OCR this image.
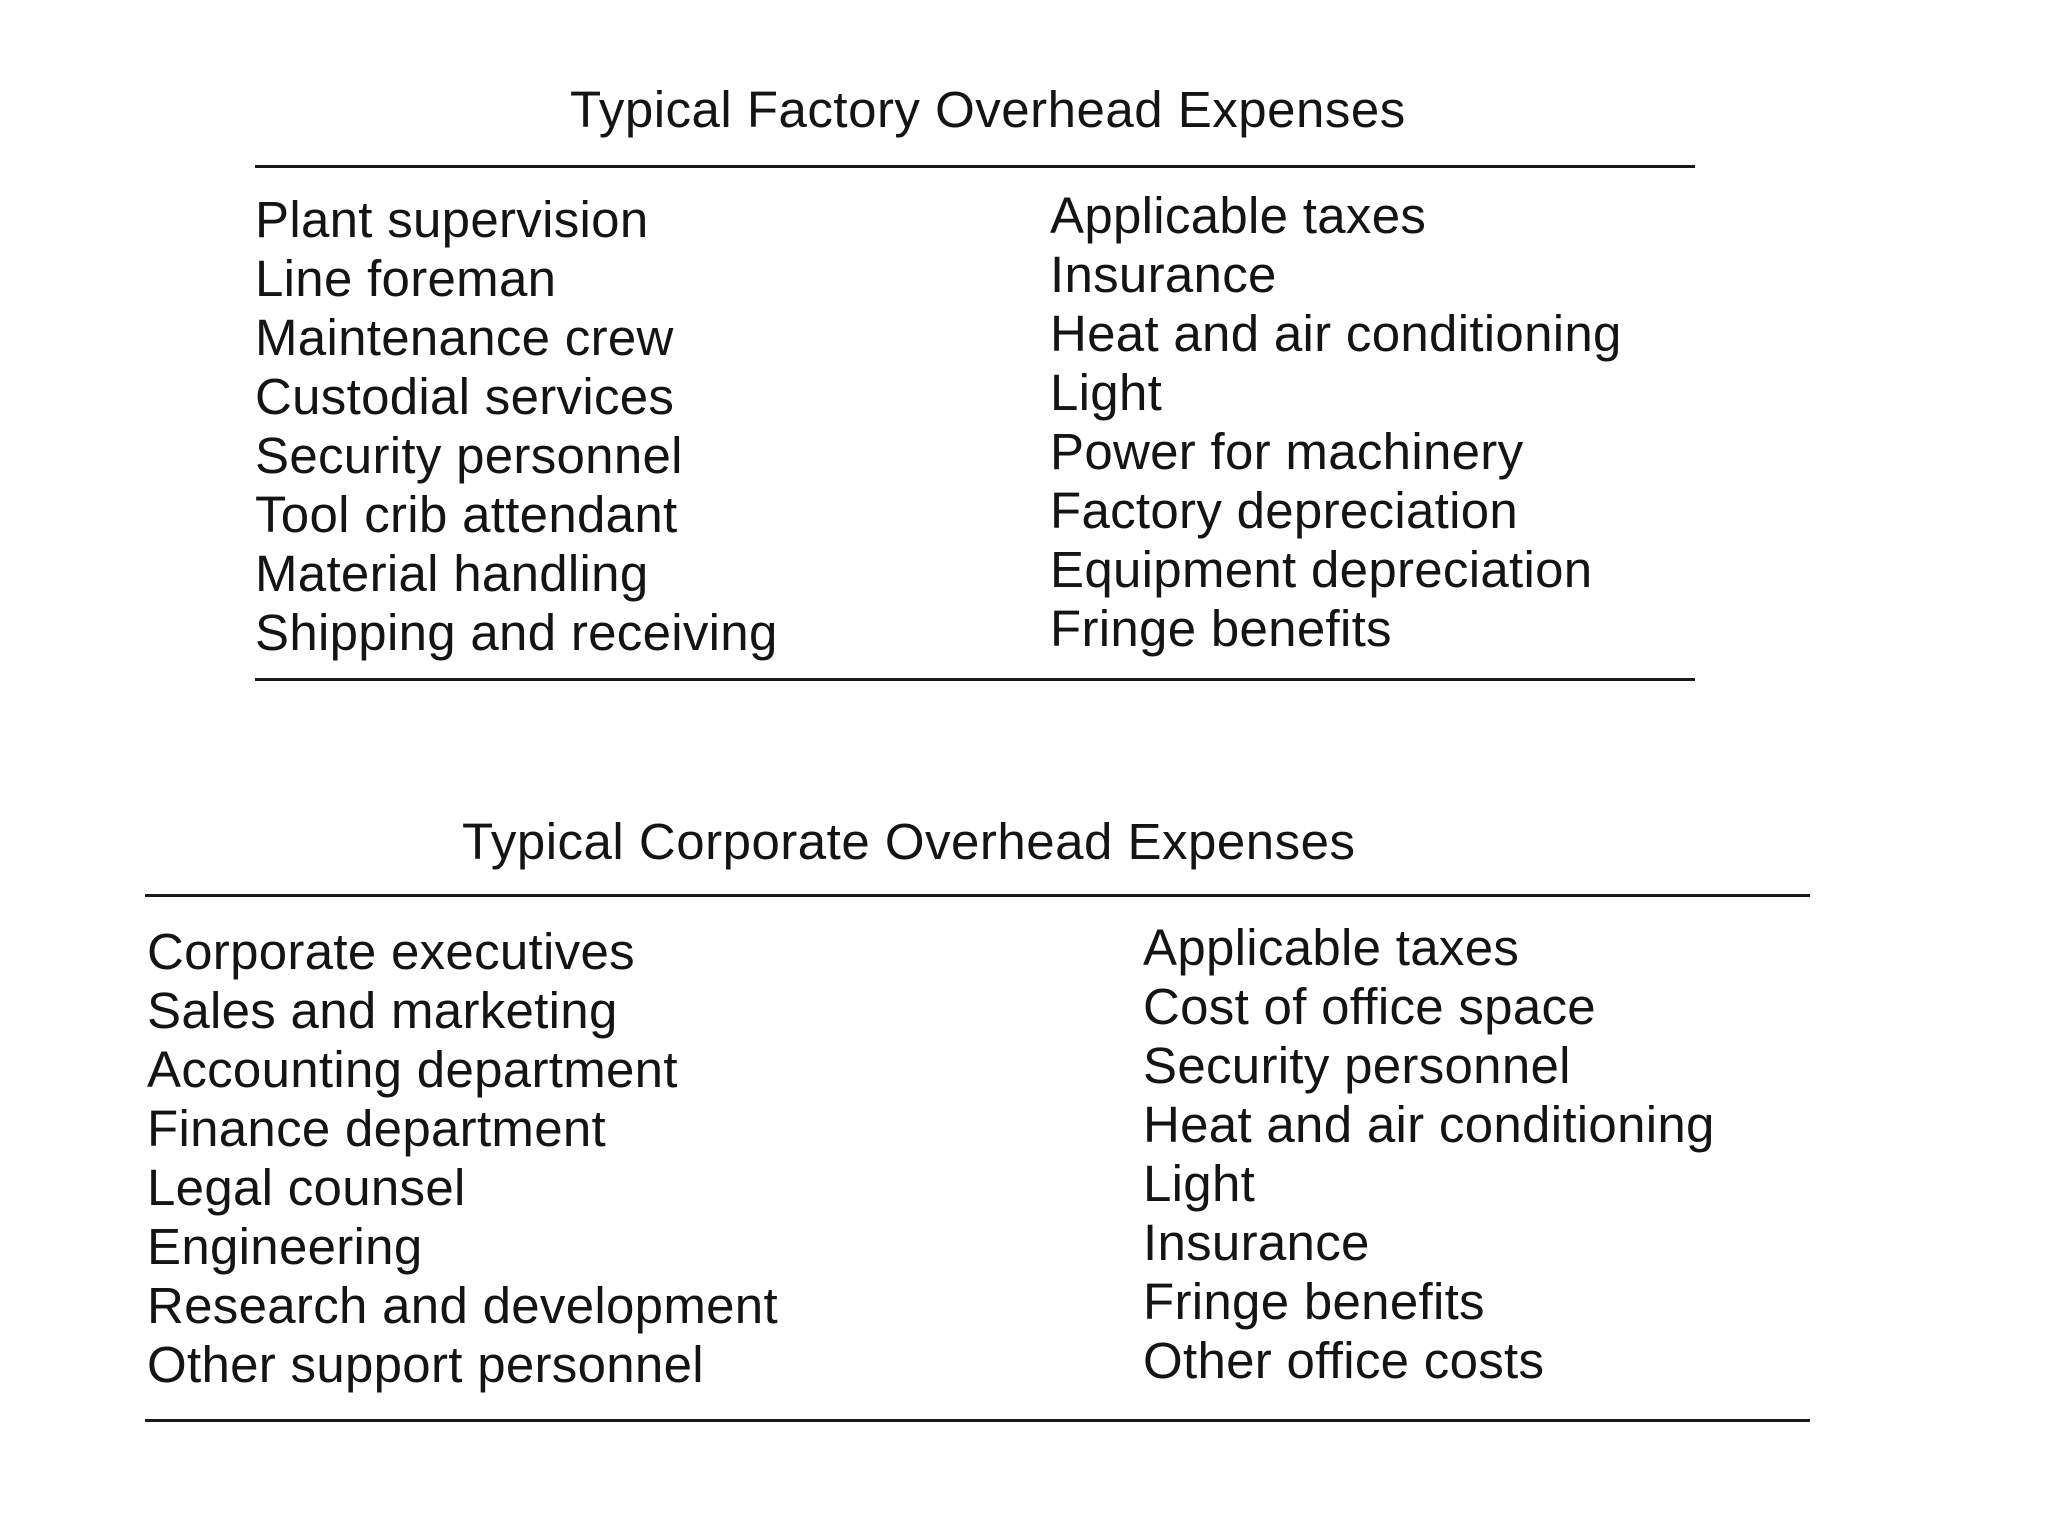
Typical Factory Overhead Expenses
Plant supervision
Line foreman
Maintenance crew
Custodial services
Security personnel
Tool crib attendant
Material handling
Shipping and receiving
Applicable taxes
Insurance
Heat and air conditioning
Light
Power for machinery
Factory depreciation
Equipment depreciation
Fringe benefits
Typical Corporate Overhead Expenses
Corporate executives
Sales and marketing
Accounting department
Finance department
Legal counsel
Engineering
Research and development
Other support personnel
Applicable taxes
Cost of office space
Security personnel
Heat and air conditioning
Light
Insurance
Fringe benefits
Other office costs
